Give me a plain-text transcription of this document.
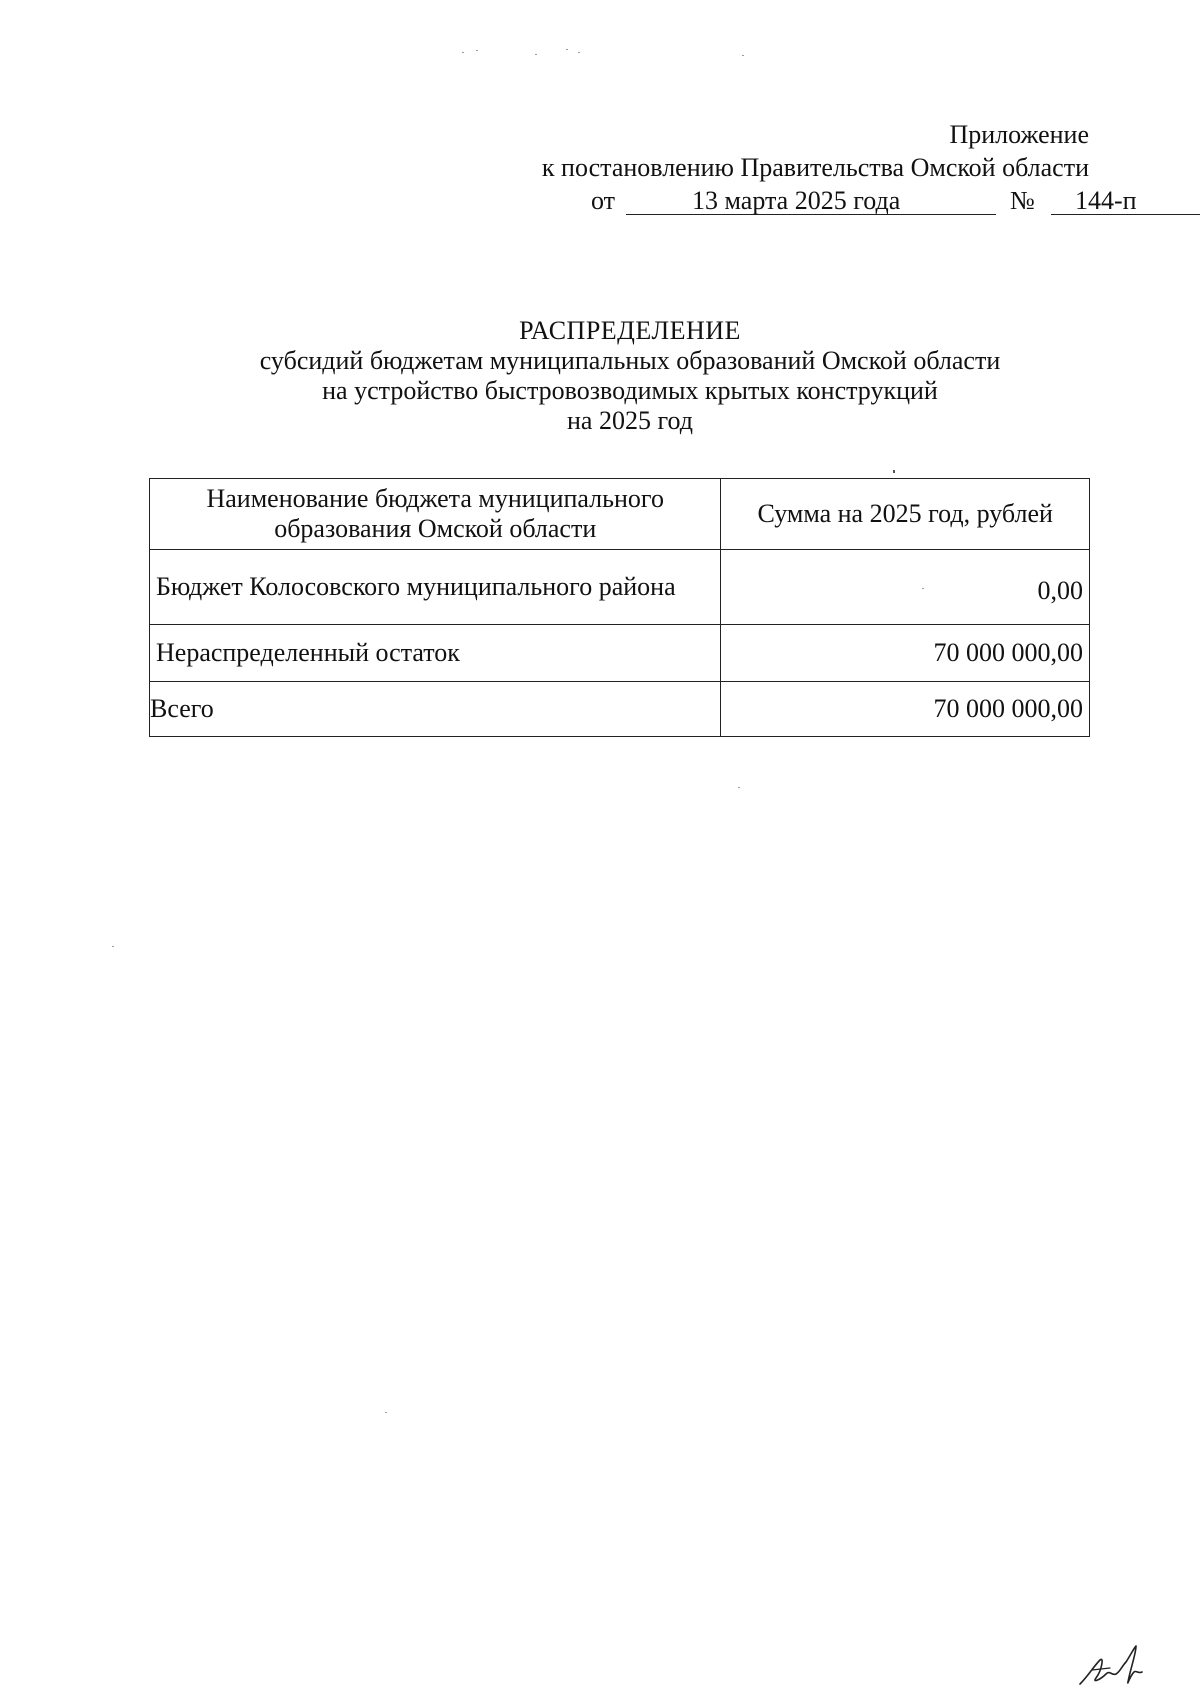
Приложение
к постановлению Правительства Омской области
от	13 марта 2025 года	№ 144-п
РАСПРЕДЕЛЕНИЕ
субсидий бюджетам муниципальных образований Омской области
на устройство быстровозводимых крытых конструкций
на 2025 год
Наименование бюджета муниципального образования Омской области	Сумма на 2025 год, рублей
Бюджет Колосовского муниципального района	0,00
Нераспределенный остаток	70 000 000,00
Всего	70 000 000,00
